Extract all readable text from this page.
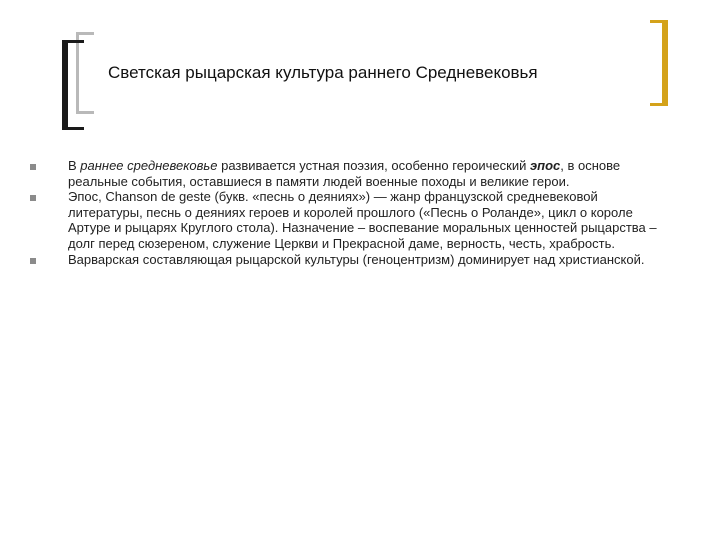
Светская рыцарская культура раннего Средневековья
В раннее средневековье развивается устная поэзия, особенно героический эпос, в основе реальные события, оставшиеся в памяти людей военные походы и великие герои.
Эпос, Chanson de geste (букв. «песнь о деяниях») — жанр французской средневековой литературы, песнь о деяниях героев и королей прошлого («Песнь о Роланде», цикл о короле Артуре и рыцарях Круглого стола). Назначение – воспевание моральных ценностей рыцарства – долг перед сюзереном, служение Церкви и Прекрасной даме, верность, честь, храбрость.
Варварская составляющая рыцарской культуры (геноцентризм) доминирует над христианской.
